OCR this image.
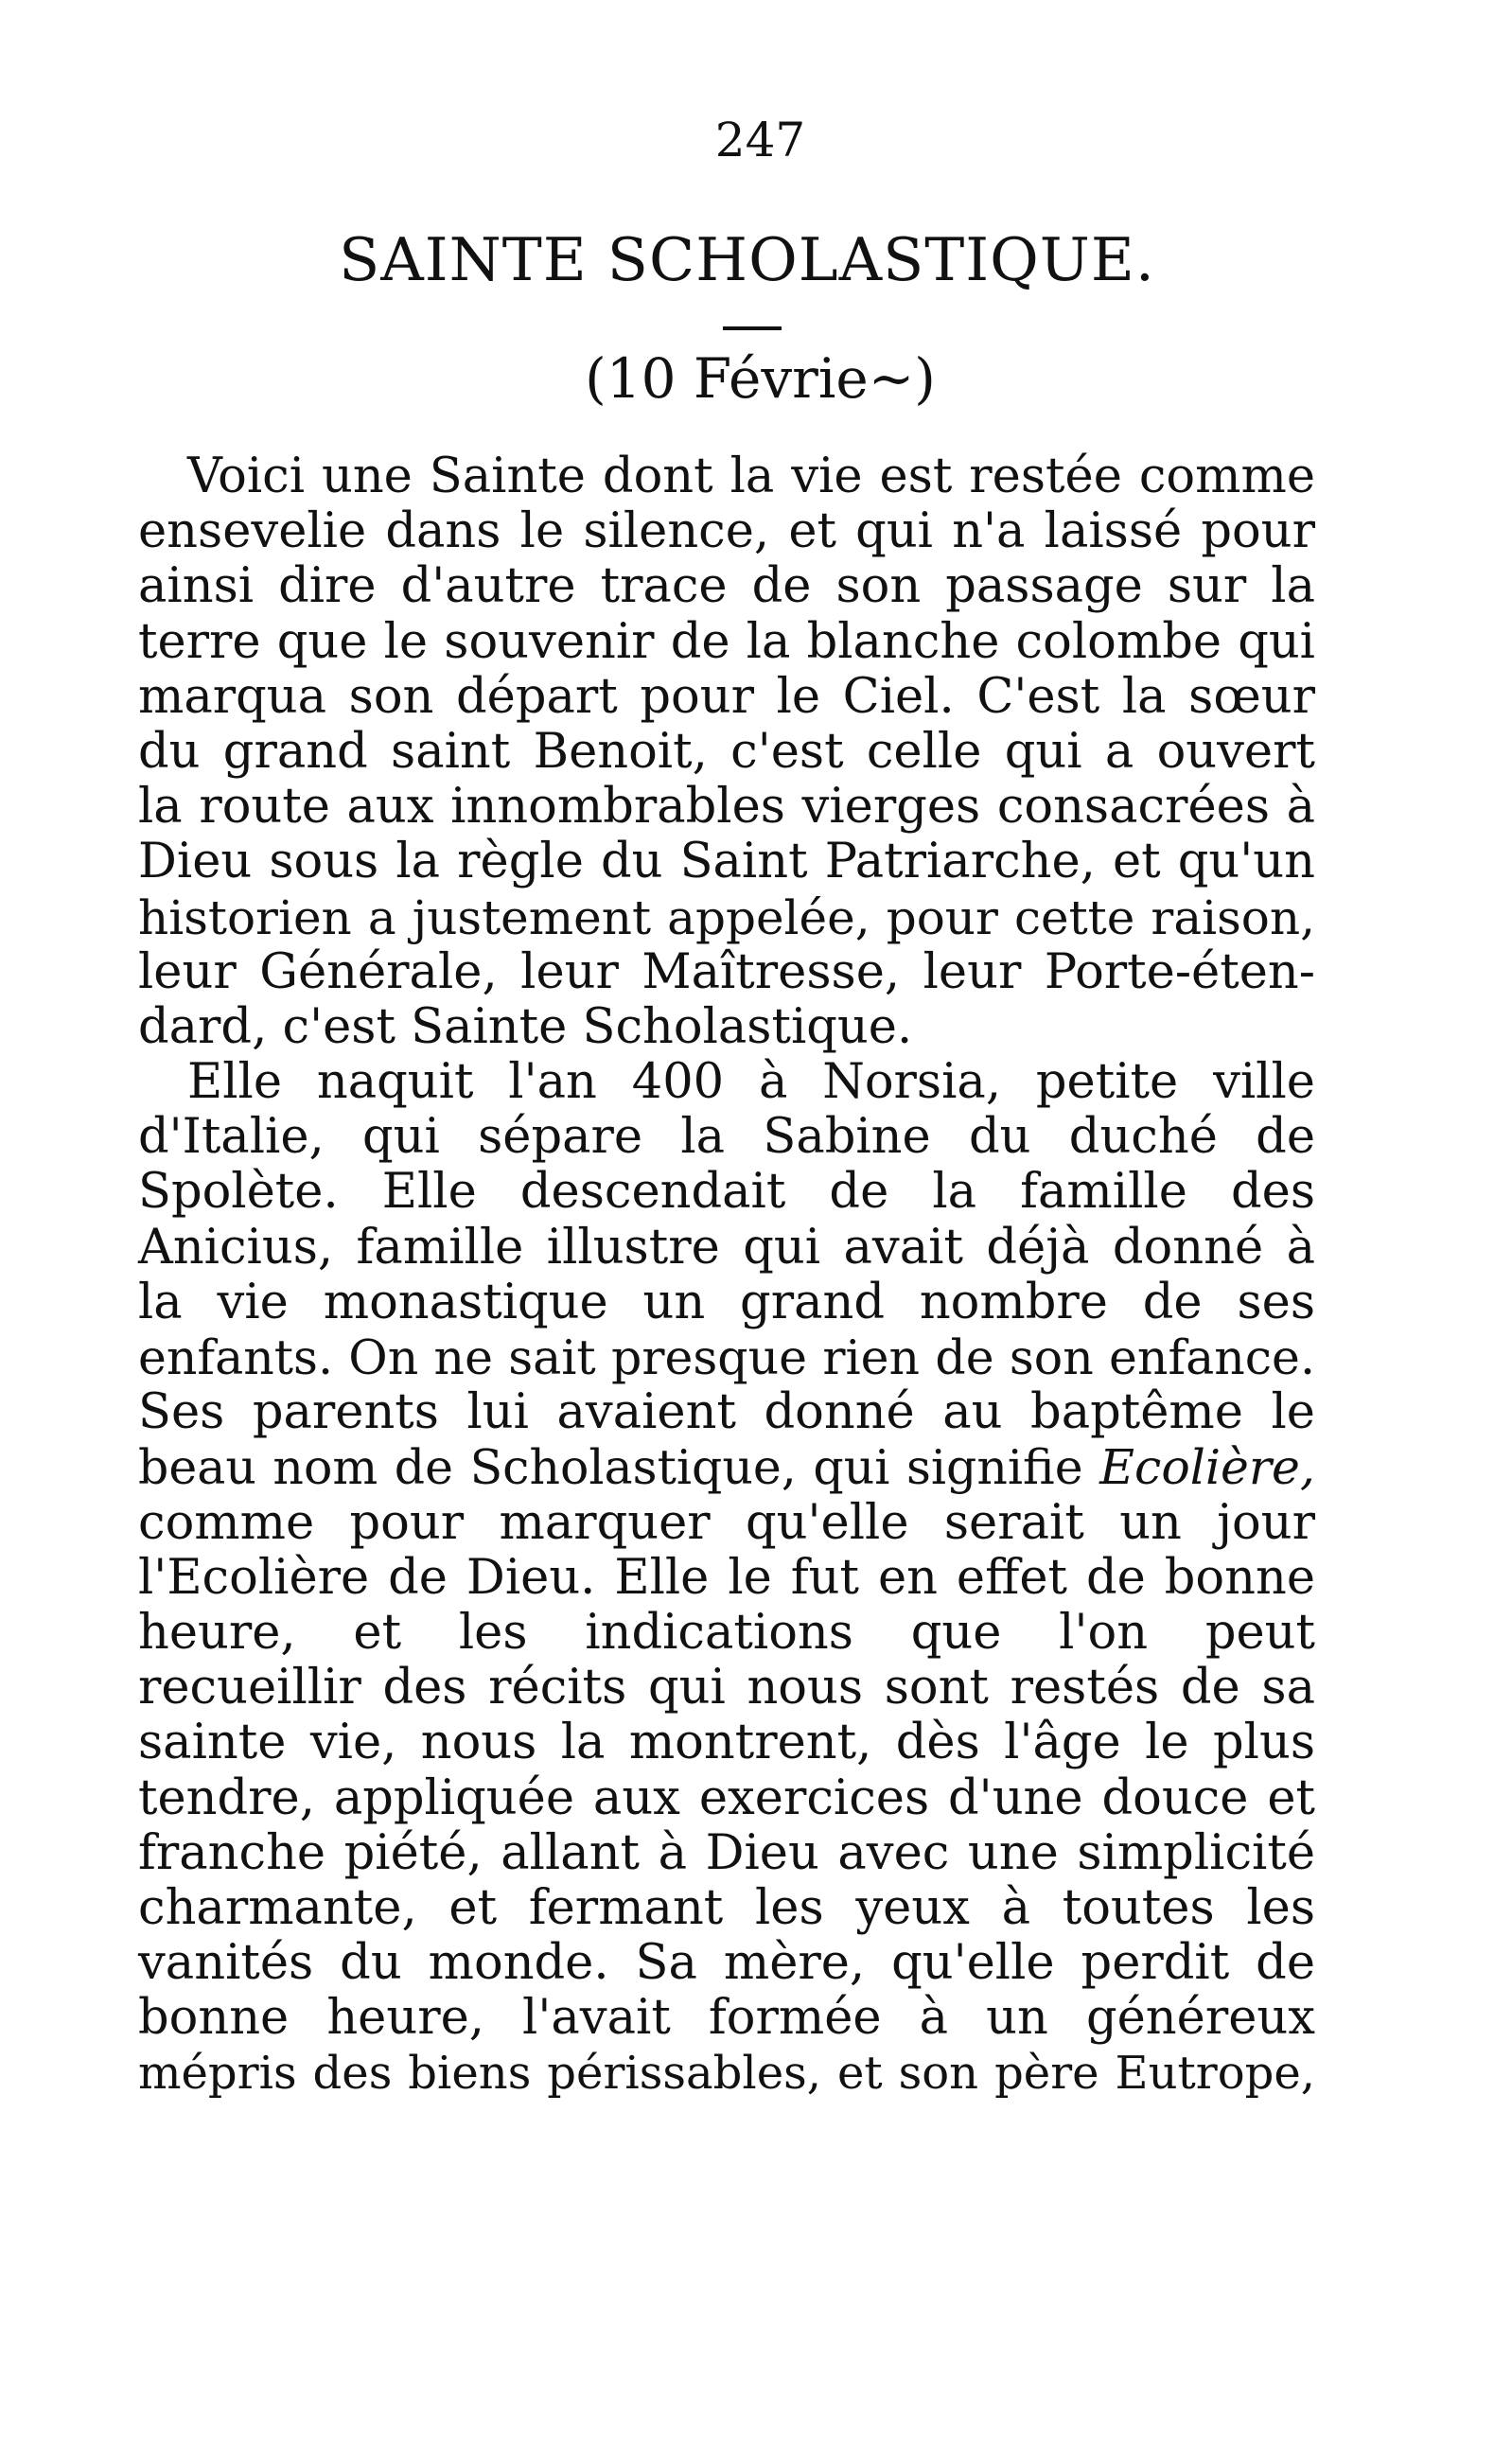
247
SAINTE SCHOLASTIQUE.
(10 Févrie~)
Voici une Sainte dont la vie est restée comme
ensevelie dans le silence, et qui n'a laissé pour
ainsi dire d'autre trace de son passage sur la
terre que le souvenir de la blanche colombe qui
marqua son départ pour le Ciel. C'est la sœur
du grand saint Benoit, c'est celle qui a ouvert
la route aux innombrables vierges consacrées à
Dieu sous la règle du Saint Patriarche, et qu'un
historien a justement appelée, pour cette raison,
leur Générale, leur Maîtresse, leur Porte-éten-
dard, c'est Sainte Scholastique.
Elle naquit l'an 400 à Norsia, petite ville
d'Italie, qui sépare la Sabine du duché de
Spolète. Elle descendait de la famille des
Anicius, famille illustre qui avait déjà donné à
la vie monastique un grand nombre de ses
enfants. On ne sait presque rien de son enfance.
Ses parents lui avaient donné au baptême le
beau nom de Scholastique, qui signifie Ecolière,
comme pour marquer qu'elle serait un jour
l'Ecolière de Dieu. Elle le fut en effet de bonne
heure, et les indications que l'on peut
recueillir des récits qui nous sont restés de sa
sainte vie, nous la montrent, dès l'âge le plus
tendre, appliquée aux exercices d'une douce et
franche piété, allant à Dieu avec une simplicité
charmante, et fermant les yeux à toutes les
vanités du monde. Sa mère, qu'elle perdit de
bonne heure, l'avait formée à un généreux
mépris des biens périssables, et son père Eutrope,
